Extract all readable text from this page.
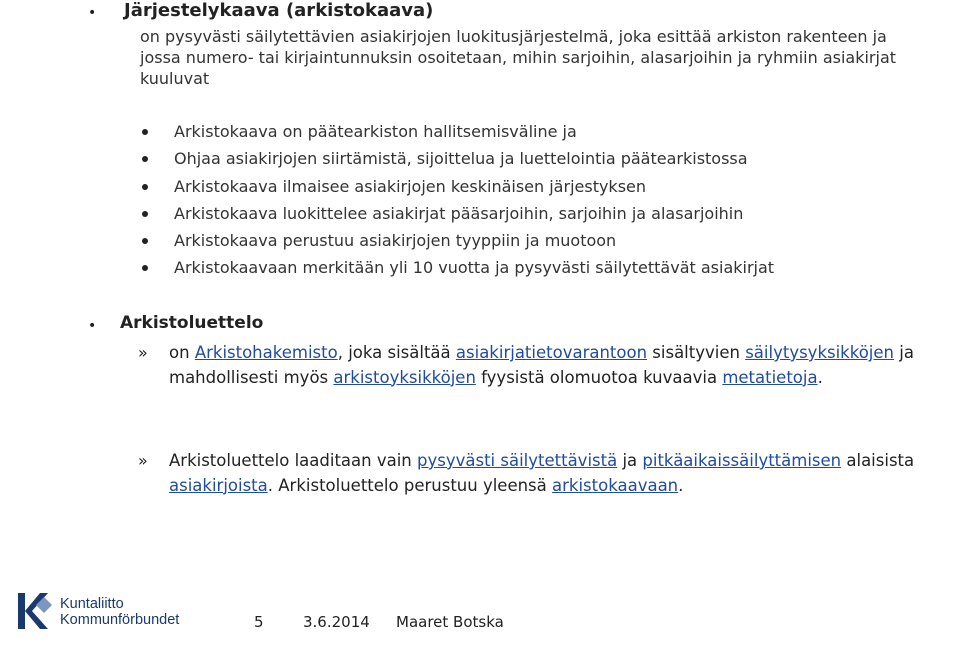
• Järjestelykaava (arkistokaava)

on pysyvästi säilytettävien asiakirjojen luokitusjärjestelmä, joka esittää arkiston rakenteen ja jossa numero- tai kirjaintunnuksin osoitetaan, mihin sarjoihin, alasarjoihin ja ryhmiin asiakirjat kuuluvat

Arkistokaava on päätearkiston hallitsemisväline ja
Ohjaa asiakirjojen siirtämistä, sijoittelua ja luettelointia päätearkistossa
Arkistokaava ilmaisee asiakirjojen keskinäisen järjestyksen
Arkistokaava luokittelee asiakirjat pääsarjoihin, sarjoihin ja alasarjoihin
Arkistokaava perustuu asiakirjojen tyyppiin ja muotoon
Arkistokaavaan merkitään yli 10 vuotta ja pysyvästi säilytettävät asiakirjat
• Arkistoluettelo
» on Arkistohakemisto, joka sisältää asiakirjatietovarantoon sisältyvien säilytysyksikköjen ja mahdollisesti myös arkistoyksikköjen fyysistä olomuotoa kuvaavia metatietoja.

» Arkistoluettelo laaditaan vain pysyvästi säilytettävistä ja pitkäaikaissäilyttämisen alaisista asiakirjoista. Arkistoluettelo perustuu yleensä arkistokaavaan.

Kuntaliitto
Kommunförbundet	5	3.6.2014 Maaret Botska
